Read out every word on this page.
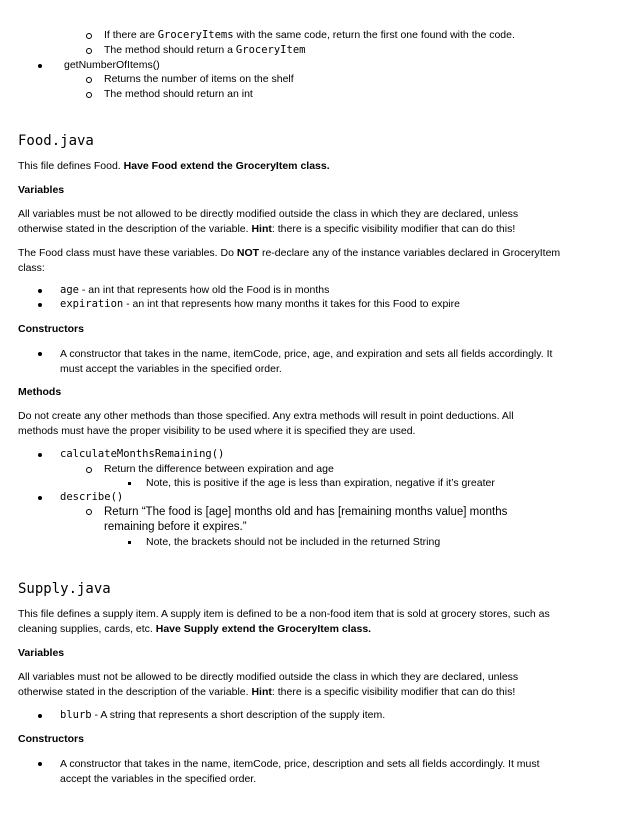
If there are GroceryItems with the same code, return the first one found with the code.
The method should return a GroceryItem
getNumberOfItems()
Returns the number of items on the shelf
The method should return an int
Food.java
This file defines Food. Have Food extend the GroceryItem class.
Variables
All variables must be not allowed to be directly modified outside the class in which they are declared, unless
otherwise stated in the description of the variable. Hint: there is a specific visibility modifier that can do this!
The Food class must have these variables. Do NOT re-declare any of the instance variables declared in GroceryItem
class:
age - an int that represents how old the Food is in months
expiration - an int that represents how many months it takes for this Food to expire
Constructors
A constructor that takes in the name, itemCode, price, age, and expiration and sets all fields accordingly. It
must accept the variables in the specified order.
Methods
Do not create any other methods than those specified. Any extra methods will result in point deductions. All
methods must have the proper visibility to be used where it is specified they are used.
calculateMonthsRemaining()
Return the difference between expiration and age
Note, this is positive if the age is less than expiration, negative if it’s greater
describe()
Return “The food is [age] months old and has [remaining months value] months
remaining before it expires.”
Note, the brackets should not be included in the returned String
Supply.java
This file defines a supply item. A supply item is defined to be a non-food item that is sold at grocery stores, such as
cleaning supplies, cards, etc. Have Supply extend the GroceryItem class.
Variables
All variables must not be allowed to be directly modified outside the class in which they are declared, unless
otherwise stated in the description of the variable. Hint: there is a specific visibility modifier that can do this!
blurb - A string that represents a short description of the supply item.
Constructors
A constructor that takes in the name, itemCode, price, description and sets all fields accordingly. It must
accept the variables in the specified order.
